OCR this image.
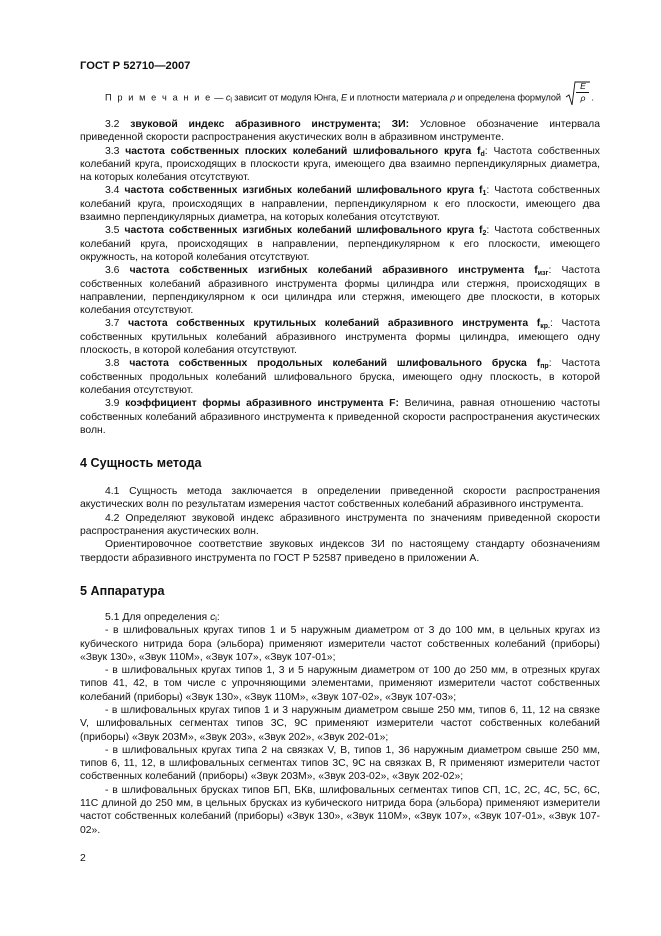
ГОСТ Р 52710—2007
П р и м е ч а н и е — $c_l$ зависит от модуля Юнга, E и плотности материала ρ и определена формулой $\frac{E}{\rho}$ .

3.2 звуковой индекс абразивного инструмента; ЗИ: Условное обозначение интервала приведенной скорости распространения акустических волн в абразивном инструменте.

3.3 частота собственных плоских колебаний шлифовального круга $f_d$: Частота собственных колебаний круга, происходящих в плоскости круга, имеющего два взаимно перпендикулярных диаметра, на которых колебания отсутствуют.

3.4 частота собственных изгибных колебаний шлифовального круга $f_1$: Частота собственных колебаний круга, происходящих в направлении, перпендикулярном к его плоскости, имеющего два взаимно перпендикулярных диаметра, на которых колебания отсутствуют.

3.5 частота собственных изгибных колебаний шлифовального круга $f_2$: Частота собственных колебаний круга, происходящих в направлении, перпендикулярном к его плоскости, имеющего окружность, на которой колебания отсутствуют.

3.6 частота собственных изгибных колебаний абразивного инструмента $f_{изг}$: Частота собственных колебаний абразивного инструмента формы цилиндра или стержня, происходящих в направлении, перпендикулярном к оси цилиндра или стержня, имеющего две плоскости, в которых колебания отсутствуют.

3.7 частота собственных крутильных колебаний абразивного инструмента $f_{кр.}$: Частота собственных крутильных колебаний абразивного инструмента формы цилиндра, имеющего одну плоскость, в которой колебания отсутствуют.

3.8 частота собственных продольных колебаний шлифовального бруска $f_{пр}$: Частота собственных продольных колебаний шлифовального бруска, имеющего одну плоскость, в которой колебания отсутствуют.

3.9 коэффициент формы абразивного инструмента F: Величина, равная отношению частоты собственных колебаний абразивного инструмента к приведенной скорости распространения акустических волн.

4 Сущность метода

4.1 Сущность метода заключается в определении приведенной скорости распространения акустических волн по результатам измерения частот собственных колебаний абразивного инструмента.

4.2 Определяют звуковой индекс абразивного инструмента по значениям приведенной скорости распространения акустических волн.

Ориентировочное соответствие звуковых индексов ЗИ по настоящему стандарту обозначениям твердости абразивного инструмента по ГОСТ Р 52587 приведено в приложении А.

5 Аппаратура

5.1 Для определения $c_l$:

- в шлифовальных кругах типов 1 и 5 наружным диаметром от 3 до 100 мм, в цельных кругах из кубического нитрида бора (эльбора) применяют измерители частот собственных колебаний (приборы) «Звук 130», «Звук 110М», «Звук 107», «Звук 107-01»;

- в шлифовальных кругах типов 1, 3 и 5 наружным диаметром от 100 до 250 мм, в отрезных кругах типов 41, 42, в том числе с упрочняющими элементами, применяют измерители частот собственных колебаний (приборы) «Звук 130», «Звук 110М», «Звук 107-02», «Звук 107-03»;

- в шлифовальных кругах типов 1 и 3 наружным диаметром свыше 250 мм, типов 6, 11, 12 на связке V, шлифовальных сегментах типов 3С, 9С применяют измерители частот собственных колебаний (приборы) «Звук 203М», «Звук 203», «Звук 202», «Звук 202-01»;

- в шлифовальных кругах типа 2 на связках V, B, типов 1, 36 наружным диаметром свыше 250 мм, типов 6, 11, 12, в шлифовальных сегментах типов 3С, 9С на связках B, R применяют измерители частот собственных колебаний (приборы) «Звук 203М», «Звук 203-02», «Звук 202-02»;

- в шлифовальных брусках типов БП, БКв, шлифовальных сегментах типов СП, 1С, 2С, 4С, 5С, 6С, 11С длиной до 250 мм, в цельных брусках из кубического нитрида бора (эльбора) применяют измерители частот собственных колебаний (приборы) «Звук 130», «Звук 110М», «Звук 107», «Звук 107-01», «Звук 107-02».

2
